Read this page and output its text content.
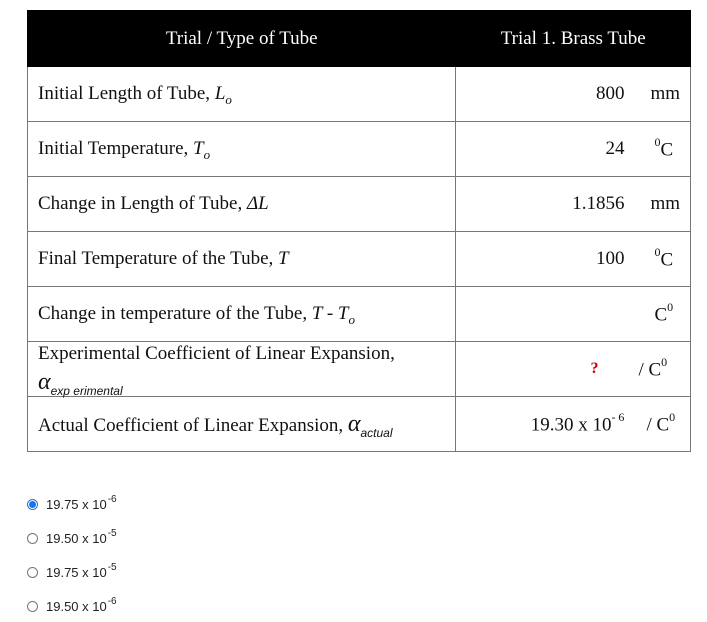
Trial / Type of Tube	Trial 1. Brass Tube
Initial Length of Tube, $L_o$	800 mm

Initial Temperature, $T_o$	24 $^0$C

Change in Length of Tube, ΔL	1.1856 mm

Final Temperature of the Tube, T	100 $^0$C

Change in temperature of the Tube, T - $T_o$	$C^0$

Experimental Coefficient of Linear Expansion,
$\alpha_{exp erimental}$	? / $C^0$

Actual Coefficient of Linear Expansion, $\alpha_{actual}$	19.30 x $10^{- 6} / C^0$
19.75 x 10 -6
19.50 x 10 -5
19.75 x 10 -5
19.50 x 10 -6
